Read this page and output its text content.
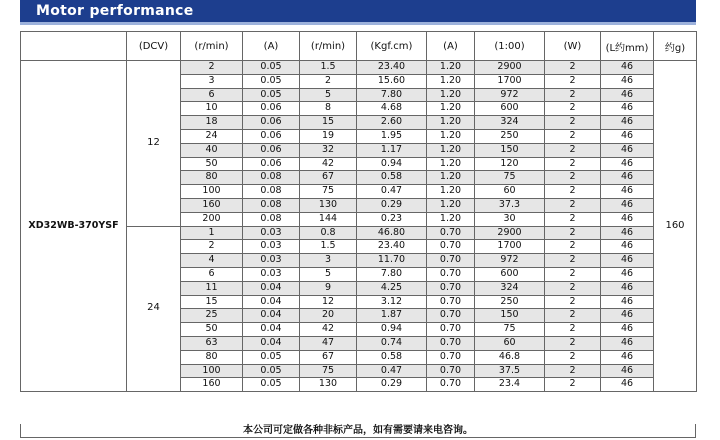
Motor performance
	(DCV)	(r/min)	(A)	(r/min)	(Kgf.cm)	(A)	(1:00)	(W)	(L约mm)	约g)
XD32WB-370YSF	12	2	0.05	1.5	23.40	1.20	2900	2	46	160
		3	0.05	2	15.60	1.20	1700	2	46	
		6	0.05	5	7.80	1.20	972	2	46	
		10	0.06	8	4.68	1.20	600	2	46	
		18	0.06	15	2.60	1.20	324	2	46	
		24	0.06	19	1.95	1.20	250	2	46	
		40	0.06	32	1.17	1.20	150	2	46	
		50	0.06	42	0.94	1.20	120	2	46	
		80	0.08	67	0.58	1.20	75	2	46	
		100	0.08	75	0.47	1.20	60	2	46	
		160	0.08	130	0.29	1.20	37.3	2	46	
		200	0.08	144	0.23	1.20	30	2	46	
	24	1	0.03	0.8	46.80	0.70	2900	2	46	
		2	0.03	1.5	23.40	0.70	1700	2	46	
		4	0.03	3	11.70	0.70	972	2	46	
		6	0.03	5	7.80	0.70	600	2	46	
		11	0.04	9	4.25	0.70	324	2	46	
		15	0.04	12	3.12	0.70	250	2	46	
		25	0.04	20	1.87	0.70	150	2	46	
		50	0.04	42	0.94	0.70	75	2	46	
		63	0.04	47	0.74	0.70	60	2	46	
		80	0.05	67	0.58	0.70	46.8	2	46	
		100	0.05	75	0.47	0.70	37.5	2	46	
		160	0.05	130	0.29	0.70	23.4	2	46	
本公司可定做各种非标产品，如有需要请来电咨询。
